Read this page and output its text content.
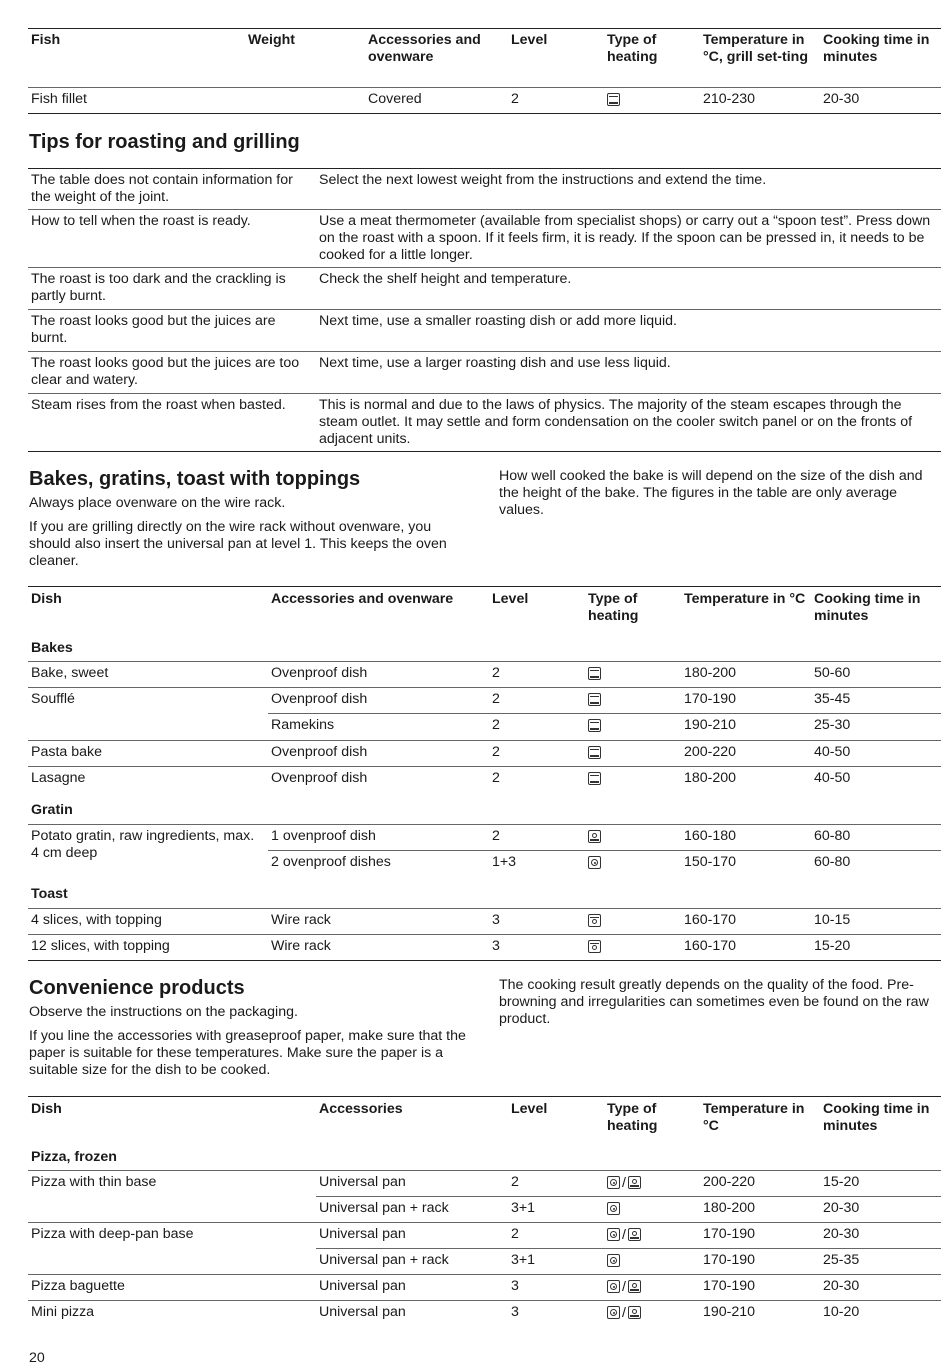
Fish	Weight	Accessories and ovenware	Level	Type of heating	Temperature in °C, grill set-ting	Cooking time in minutes
Fish fillet		Covered	2		210-230	20-30
Tips for roasting and grilling
The table does not contain information for the weight of the joint.	Select the next lowest weight from the instructions and extend the time.
How to tell when the roast is ready.	Use a meat thermometer (available from specialist shops) or carry out a “spoon test”. Press down on the roast with a spoon. If it feels firm, it is ready. If the spoon can be pressed in, it needs to be cooked for a little longer.
The roast is too dark and the crackling is partly burnt.	Check the shelf height and temperature.
The roast looks good but the juices are burnt.	Next time, use a smaller roasting dish or add more liquid.
The roast looks good but the juices are too clear and watery.	Next time, use a larger roasting dish and use less liquid.
Steam rises from the roast when basted.	This is normal and due to the laws of physics. The majority of the steam escapes through the steam outlet. It may settle and form condensation on the cooler switch panel or on the fronts of adjacent units.
Bakes, gratins, toast with toppings

Always place ovenware on the wire rack.

If you are grilling directly on the wire rack without ovenware, you should also insert the universal pan at level 1. This keeps the oven cleaner.

How well cooked the bake is will depend on the size of the dish and the height of the bake. The figures in the table are only average values.

Dish	Accessories and ovenware	Level	Type of heating	Temperature in °C	Cooking time in minutes
Bakes					
Bake, sweet	Ovenproof dish	2		180-200	50-60
Soufflé	Ovenproof dish	2		170-190	35-45
	Ramekins	2		190-210	25-30
Pasta bake	Ovenproof dish	2		200-220	40-50
Lasagne	Ovenproof dish	2		180-200	40-50
Gratin					
Potato gratin, raw ingredients, max. 4 cm deep	1 ovenproof dish	2		160-180	60-80
	2 ovenproof dishes	1+3		150-170	60-80
Toast					
4 slices, with topping	Wire rack	3		160-170	10-15
12 slices, with topping	Wire rack	3		160-170	15-20
Convenience products

Observe the instructions on the packaging.

If you line the accessories with greaseproof paper, make sure that the paper is suitable for these temperatures. Make sure the paper is a suitable size for the dish to be cooked.

The cooking result greatly depends on the quality of the food. Pre-browning and irregularities can sometimes even be found on the raw product.

Dish	Accessories	Level	Type of heating	Temperature in °C	Cooking time in minutes
Pizza, frozen					
Pizza with thin base	Universal pan	2	/	200-220	15-20
	Universal pan + rack	3+1		180-200	20-30
Pizza with deep-pan base	Universal pan	2	/	170-190	20-30
	Universal pan + rack	3+1		170-190	25-35
Pizza baguette	Universal pan	3	/	170-190	20-30
Mini pizza	Universal pan	3	/	190-210	10-20

20
